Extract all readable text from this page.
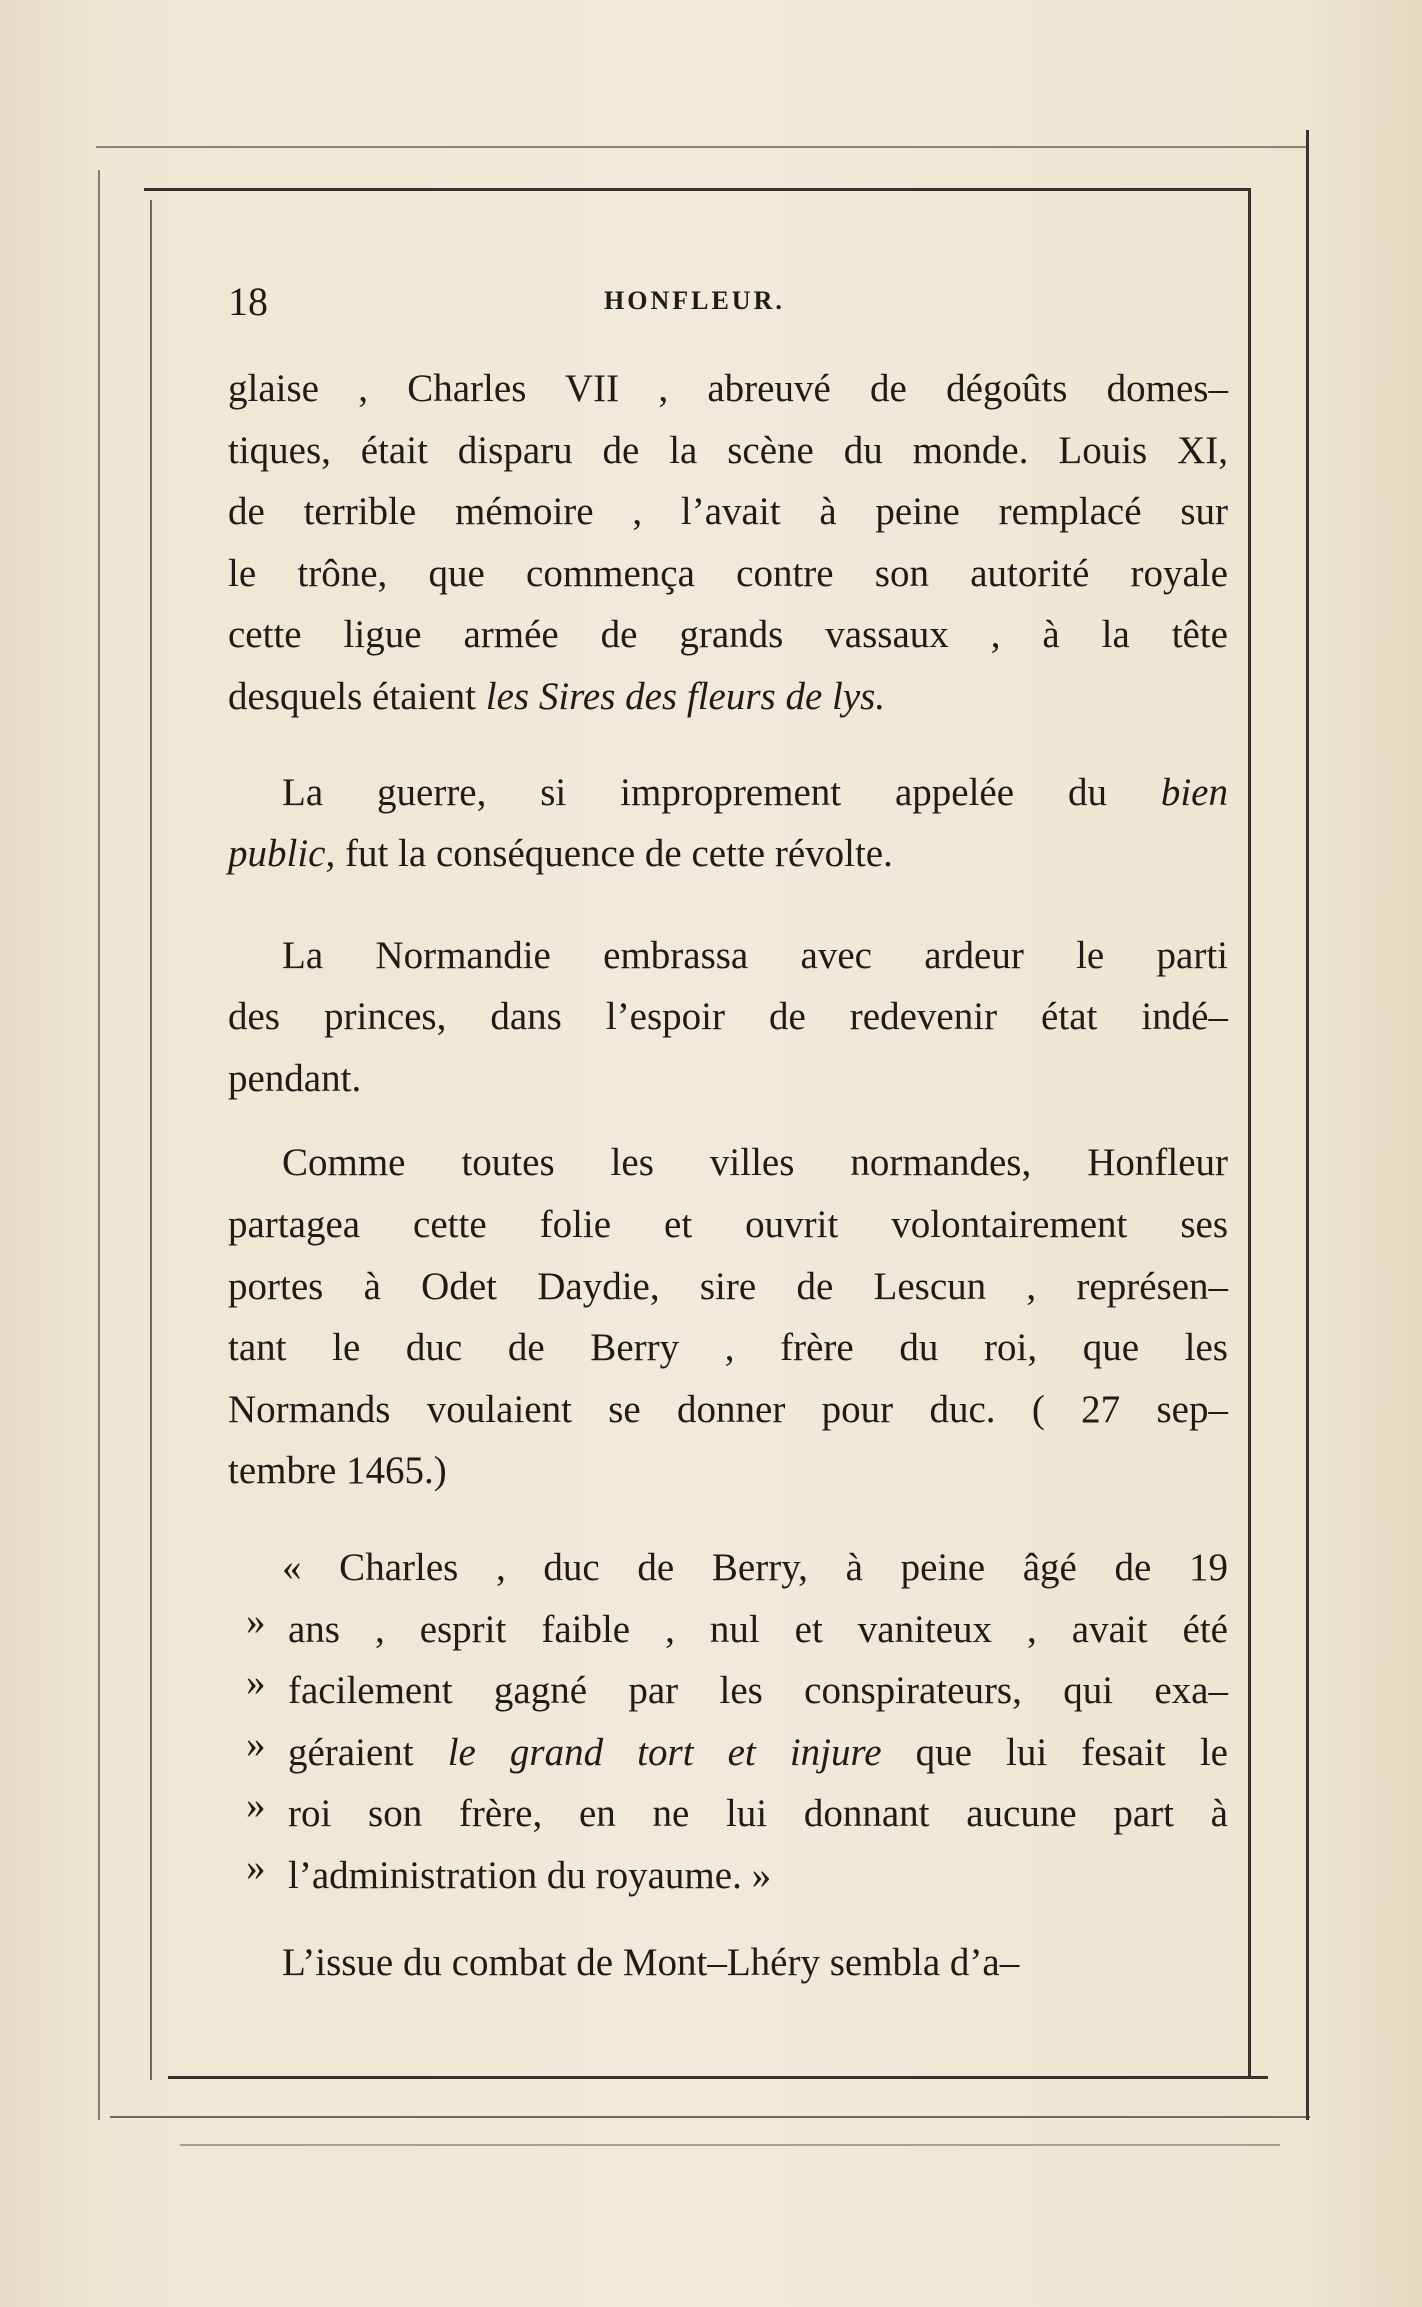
18	HONFLEUR.

glaise , Charles VII , abreuvé de dégoûts domes–

tiques, était disparu de la scène du monde. Louis XI,

de terrible mémoire , l’avait à peine remplacé sur

le trône, que commença contre son autorité royale

cette ligue armée de grands vassaux , à la tête

desquels étaient les Sires des fleurs de lys.

La guerre, si improprement appelée du bien

public, fut la conséquence de cette révolte.

La Normandie embrassa avec ardeur le parti

des princes, dans l’espoir de redevenir état indé–

pendant.

Comme toutes les villes normandes, Honfleur

partagea cette folie et ouvrit volontairement ses

portes à Odet Daydie, sire de Lescun , représen–

tant le duc de Berry , frère du roi, que les

Normands voulaient se donner pour duc. ( 27 sep–

tembre 1465.)

« Charles , duc de Berry, à peine âgé de 19

» ans , esprit faible , nul et vaniteux , avait été

» facilement gagné par les conspirateurs, qui exa–

» géraient le grand tort et injure que lui fesait le

» roi son frère, en ne lui donnant aucune part à

» l’administration du royaume. »

L’issue du combat de Mont–Lhéry sembla d’a–
